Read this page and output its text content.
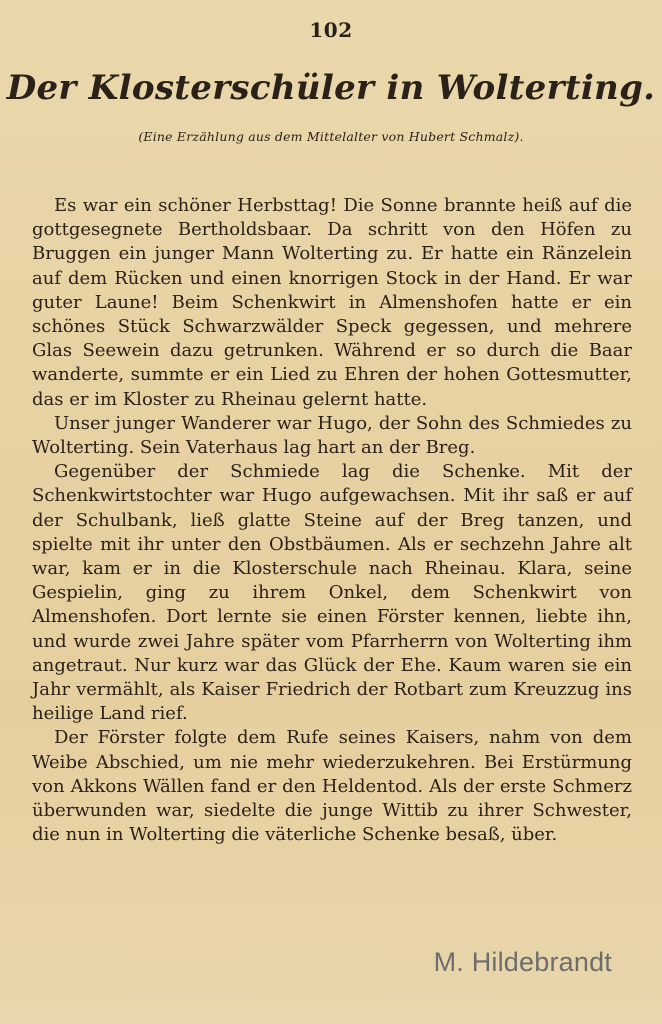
102
Der Klosterschüler in Wolterting.
(Eine Erzählung aus dem Mittelalter von Hubert Schmalz).

Es war ein schöner Herbsttag! Die Sonne brannte heiß auf die gottgesegnete Bertholdsbaar. Da schritt von den Höfen zu Bruggen ein junger Mann Wolterting zu. Er hatte ein Ränzelein auf dem Rücken und einen knorrigen Stock in der Hand. Er war guter Laune! Beim Schenkwirt in Almenshofen hatte er ein schönes Stück Schwarzwälder Speck gegessen, und mehrere Glas Seewein dazu getrunken. Während er so durch die Baar wanderte, summte er ein Lied zu Ehren der hohen Gottesmutter, das er im Kloster zu Rheinau gelernt hatte.

Unser junger Wanderer war Hugo, der Sohn des Schmiedes zu Wolterting. Sein Vaterhaus lag hart an der Breg.

Gegenüber der Schmiede lag die Schenke. Mit der Schenkwirtstochter war Hugo aufgewachsen. Mit ihr saß er auf der Schulbank, ließ glatte Steine auf der Breg tanzen, und spielte mit ihr unter den Obstbäumen. Als er sechzehn Jahre alt war, kam er in die Klosterschule nach Rheinau. Klara, seine Gespielin, ging zu ihrem Onkel, dem Schenkwirt von Almenshofen. Dort lernte sie einen Förster kennen, liebte ihn, und wurde zwei Jahre später vom Pfarrherrn von Wolterting ihm angetraut. Nur kurz war das Glück der Ehe. Kaum waren sie ein Jahr vermählt, als Kaiser Friedrich der Rotbart zum Kreuzzug ins heilige Land rief.

Der Förster folgte dem Rufe seines Kaisers, nahm von dem Weibe Abschied, um nie mehr wiederzukehren. Bei Erstürmung von Akkons Wällen fand er den Heldentod. Als der erste Schmerz überwunden war, siedelte die junge Wittib zu ihrer Schwester, die nun in Wolterting die väterliche Schenke besaß, über.

M. Hildebrandt
